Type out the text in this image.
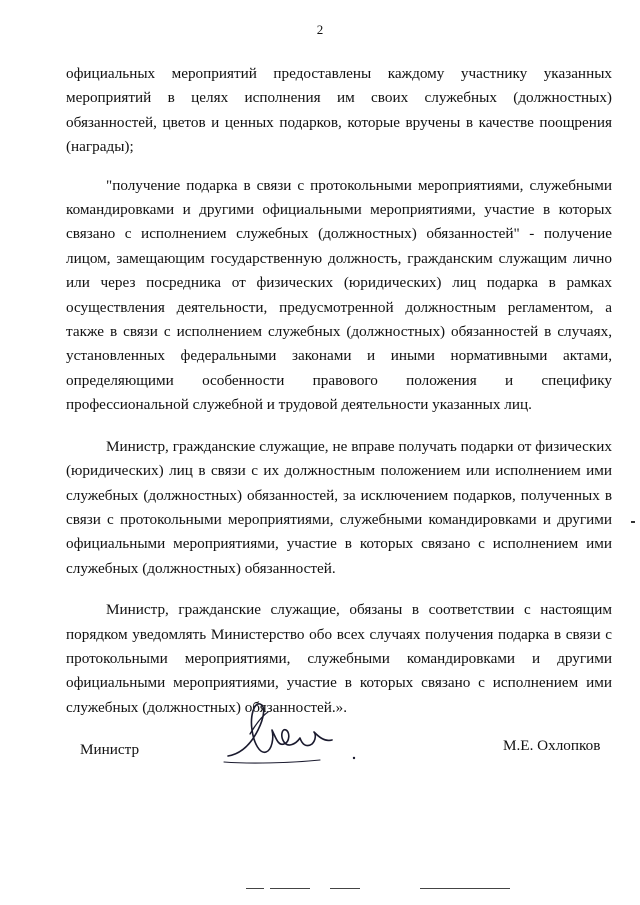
2

официальных мероприятий предоставлены каждому участнику указанных мероприятий в целях исполнения им своих служебных (должностных) обязанностей, цветов и ценных подарков, которые вручены в качестве поощрения (награды);

"получение подарка в связи с протокольными мероприятиями, служебными командировками и другими официальными мероприятиями, участие в которых связано с исполнением служебных (должностных) обязанностей" - получение лицом, замещающим государственную должность, гражданским служащим лично или через посредника от физических (юридических) лиц подарка в рамках осуществления деятельности, предусмотренной должностным регламентом, а также в связи с исполнением служебных (должностных) обязанностей в случаях, установленных федеральными законами и иными нормативными актами, определяющими особенности правового положения и специфику профессиональной служебной и трудовой деятельности указанных лиц.

Министр, гражданские служащие, не вправе получать подарки от физических (юридических) лиц в связи с их должностным положением или исполнением ими служебных (должностных) обязанностей, за исключением подарков, полученных в связи с протокольными мероприятиями, служебными командировками и другими официальными мероприятиями, участие в которых связано с исполнением ими служебных (должностных) обязанностей.

Министр, гражданские служащие, обязаны в соответствии с настоящим порядком уведомлять Министерство обо всех случаях получения подарка в связи с протокольными мероприятиями, служебными командировками и другими официальными мероприятиями, участие в которых связано с исполнением ими служебных (должностных) обязанностей.».

Министр	М.Е. Охлопков
